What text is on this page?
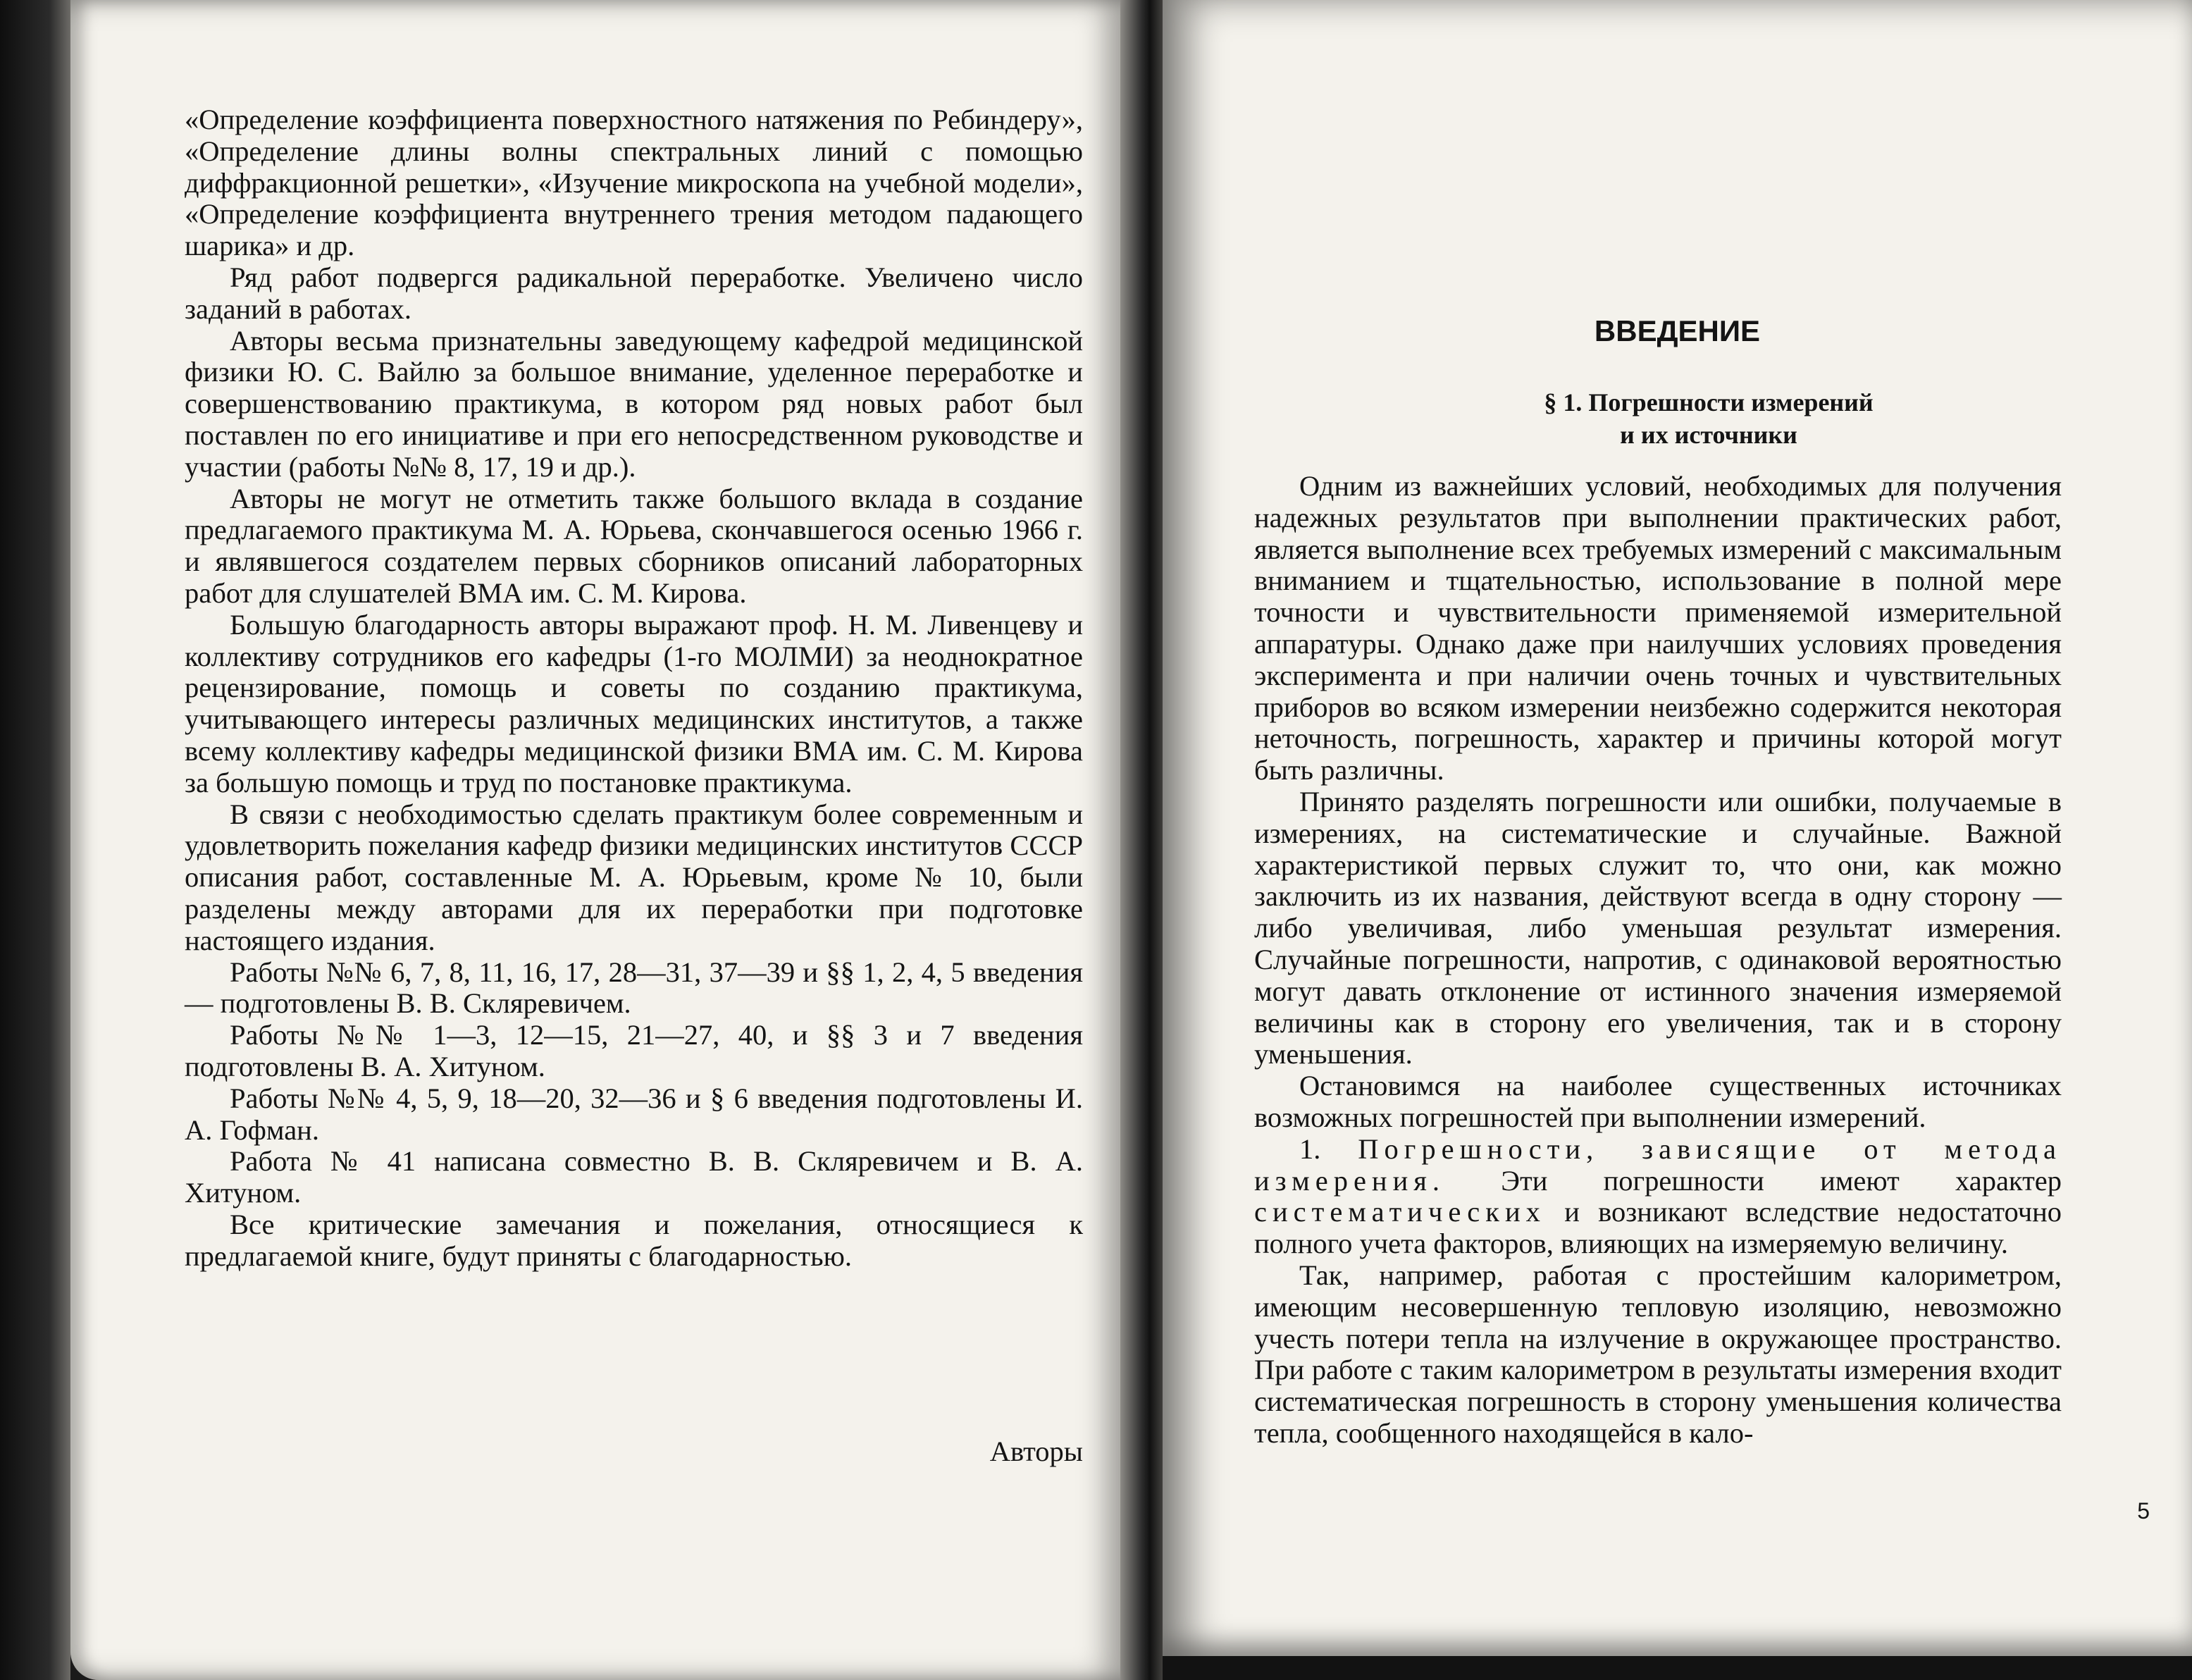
«Определение коэффициента поверхностного натяжения по Ребиндеру», «Определение длины волны спектральных линий с помощью диффракционной решетки», «Изучение микроскопа на учебной модели», «Определение коэффициента внутреннего трения методом падающего шарика» и др.

Ряд работ подвергся радикальной переработке. Увеличено число заданий в работах.

Авторы весьма признательны заведующему кафедрой медицинской физики Ю. С. Вайлю за большое внимание, уделенное переработке и совершенствованию практикума, в котором ряд новых работ был поставлен по его инициативе и при его непосредственном руководстве и участии (работы №№ 8, 17, 19 и др.).

Авторы не могут не отметить также большого вклада в создание предлагаемого практикума М. А. Юрьева, скончавшегося осенью 1966 г. и являвшегося создателем первых сборников описаний лабораторных работ для слушателей ВМА им. С. М. Кирова.

Большую благодарность авторы выражают проф. Н. М. Ливенцеву и коллективу сотрудников его кафедры (1-го МОЛМИ) за неоднократное рецензирование, помощь и советы по созданию практикума, учитывающего интересы различных медицинских институтов, а также всему коллективу кафедры медицинской физики ВМА им. С. М. Кирова за большую помощь и труд по постановке практикума.

В связи с необходимостью сделать практикум более современным и удовлетворить пожелания кафедр физики медицинских институтов СССР описания работ, составленные М. А. Юрьевым, кроме № 10, были разделены между авторами для их переработки при подготовке настоящего издания.

Работы №№ 6, 7, 8, 11, 16, 17, 28—31, 37—39 и §§ 1, 2, 4, 5 введения — подготовлены В. В. Скляревичем.

Работы №№ 1—3, 12—15, 21—27, 40, и §§ 3 и 7 введения подготовлены В. А. Хитуном.

Работы №№ 4, 5, 9, 18—20, 32—36 и § 6 введения подготовлены И. А. Гофман.

Работа № 41 написана совместно В. В. Скляревичем и В. А. Хитуном.

Все критические замечания и пожелания, относящиеся к предлагаемой книге, будут приняты с благодарностью.

Авторы
ВВЕДЕНИЕ
§ 1. Погрешности измерений
и их источники

Одним из важнейших условий, необходимых для получения надежных результатов при выполнении практических работ, является выполнение всех требуемых измерений с максимальным вниманием и тщательностью, использование в полной мере точности и чувствительности применяемой измерительной аппаратуры. Однако даже при наилучших условиях проведения эксперимента и при наличии очень точных и чувствительных приборов во всяком измерении неизбежно содержится некоторая неточность, погрешность, характер и причины которой могут быть различны.

Принято разделять погрешности или ошибки, получаемые в измерениях, на систематические и случайные. Важной характеристикой первых служит то, что они, как можно заключить из их названия, действуют всегда в одну сторону — либо увеличивая, либо уменьшая результат измерения. Случайные погрешности, напротив, с одинаковой вероятностью могут давать отклонение от истинного значения измеряемой величины как в сторону его увеличения, так и в сторону уменьшения.

Остановимся на наиболее существенных источниках возможных погрешностей при выполнении измерений.

1. Погрешности, зависящие от метода измерения. Эти погрешности имеют характер систематических и возникают вследствие недостаточно полного учета факторов, влияющих на измеряемую величину.

Так, например, работая с простейшим калориметром, имеющим несовершенную тепловую изоляцию, невозможно учесть потери тепла на излучение в окружающее пространство. При работе с таким калориметром в результаты измерения входит систематическая погрешность в сторону уменьшения количества тепла, сообщенного находящейся в кало-

5
